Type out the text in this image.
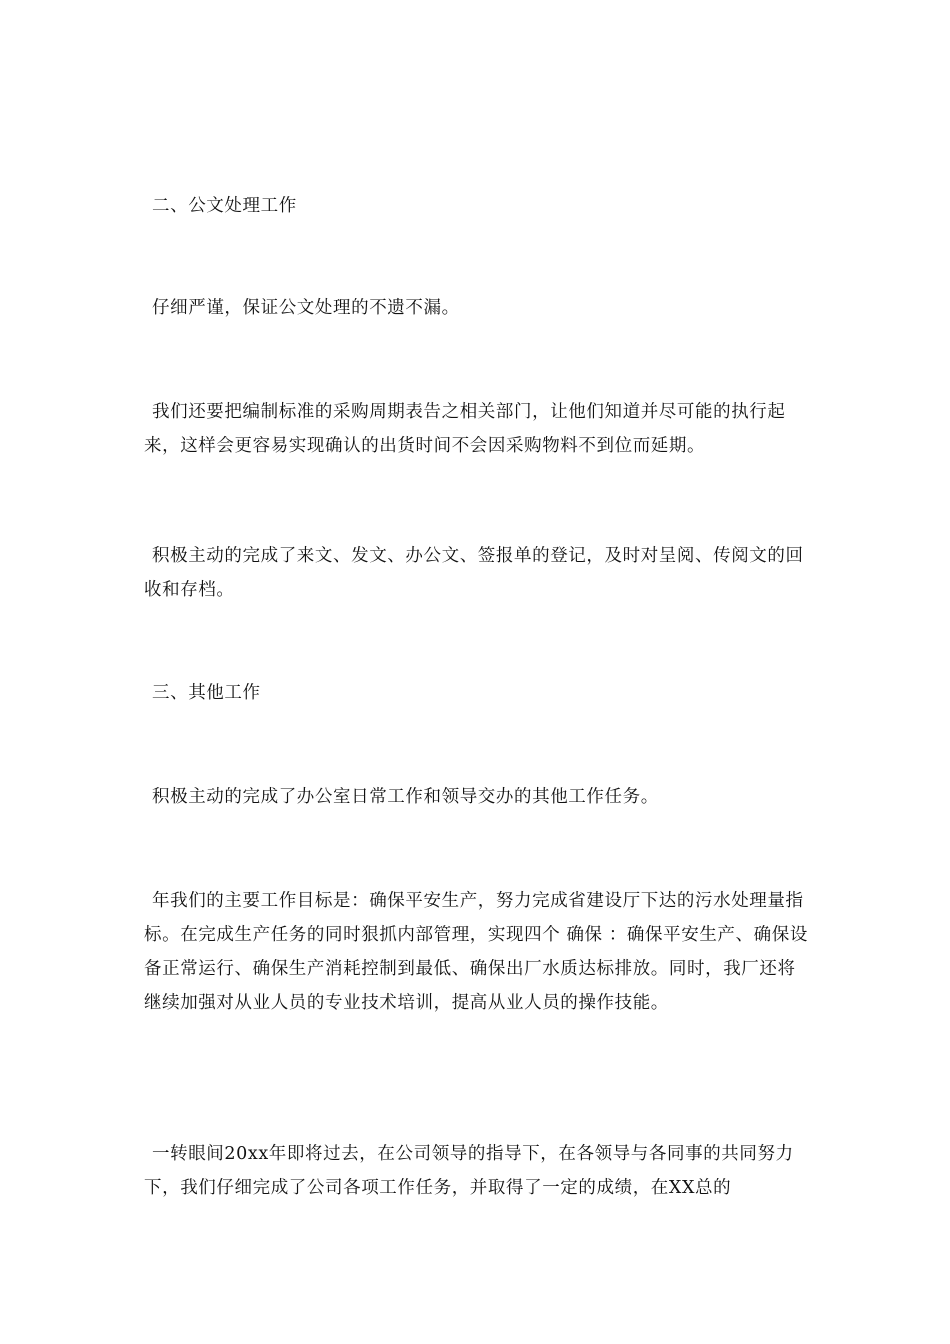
二、公文处理工作

仔细严谨，保证公文处理的不遗不漏。

我们还要把编制标准的采购周期表告之相关部门，让他们知道并尽可能的执行起来，这样会更容易实现确认的出货时间不会因采购物料不到位而延期。

积极主动的完成了来文、发文、办公文、签报单的登记，及时对呈阅、传阅文的回收和存档。

三、其他工作

积极主动的完成了办公室日常工作和领导交办的其他工作任务。

年我们的主要工作目标是：确保平安生产，努力完成省建设厅下达的污水处理量指标。在完成生产任务的同时狠抓内部管理，实现四个 确保 ：确保平安生产、确保设备正常运行、确保生产消耗控制到最低、确保出厂水质达标排放。同时，我厂还将继续加强对从业人员的专业技术培训，提高从业人员的操作技能。

一转眼间20xx年即将过去，在公司领导的指导下，在各领导与各同事的共同努力下，我们仔细完成了公司各项工作任务，并取得了一定的成绩，在XX总的
